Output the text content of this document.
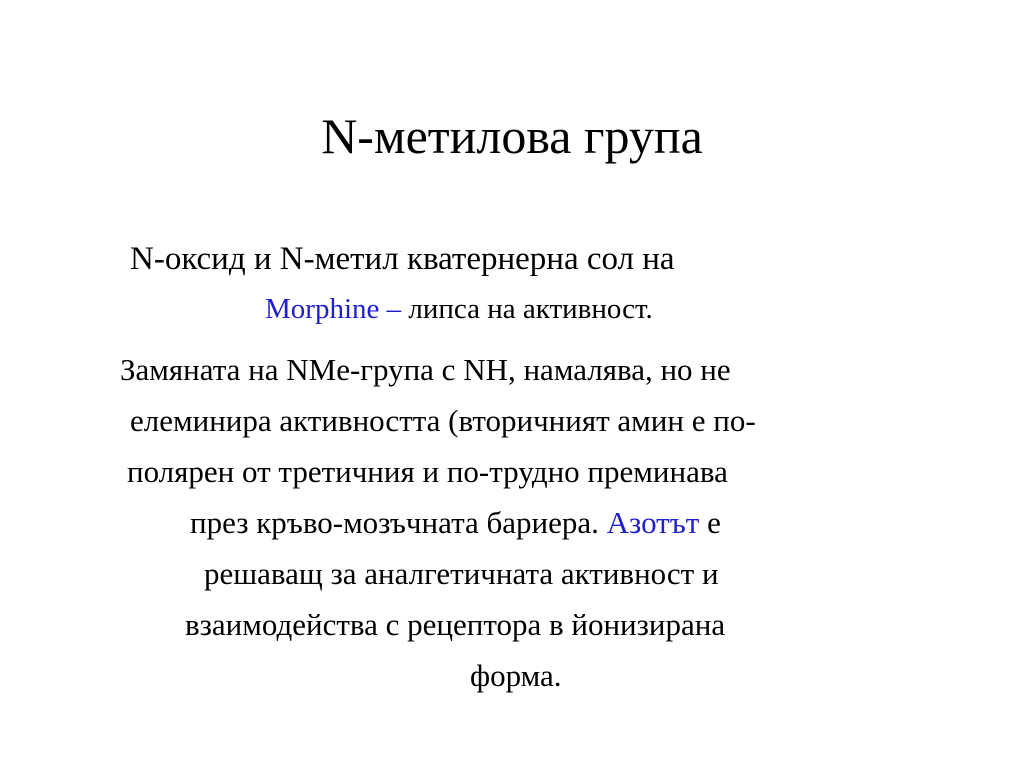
N-метилова група
N-оксид и N-метил кватернерна сол на
Morphine – липса на активност.
Замяната на NMe-група с NH, намалява, но не
елеминира активността (вторичният амин е по-
полярен от третичния и по-трудно преминава
през кръво-мозъчната бариера. Азотът е
решаващ за аналгетичната активност и
взаимодейства с рецептора в йонизирана
форма.
